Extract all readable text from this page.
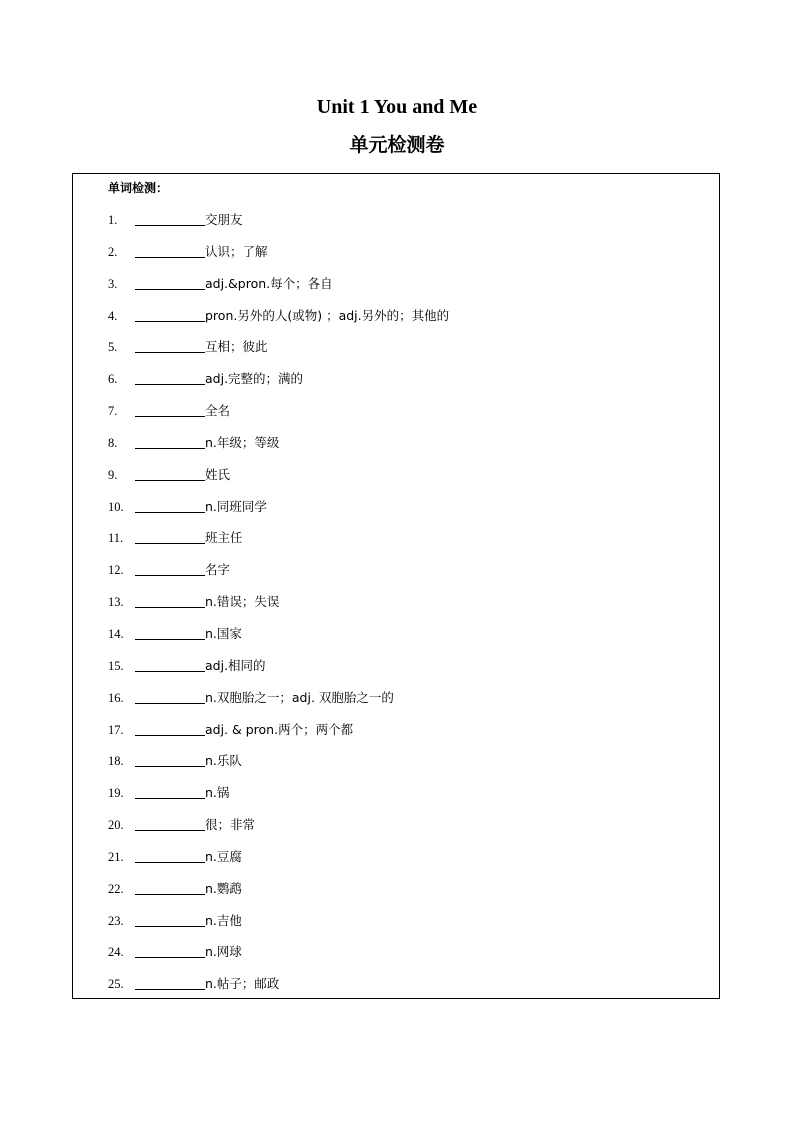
Unit 1 You and Me
单元检测卷
单词检测：
1.	交朋友
2.	认识；了解
3.	adj.&pron.每个；各自
4.	pron.另外的人(或物) ；adj.另外的；其他的
5.	互相；彼此
6.	adj.完整的；满的
7.	全名
8.	n.年级；等级
9.	姓氏
10.	n.同班同学
11.	班主任
12.	名字
13.	n.错误；失误
14.	n.国家
15.	adj.相同的
16.	n.双胞胎之一；adj. 双胞胎之一的
17.	adj. & pron.两个；两个都
18.	n.乐队
19.	n.锅
20.	很；非常
21.	n.豆腐
22.	n.鹦鹉
23.	n.吉他
24.	n.网球
25.	n.帖子；邮政
